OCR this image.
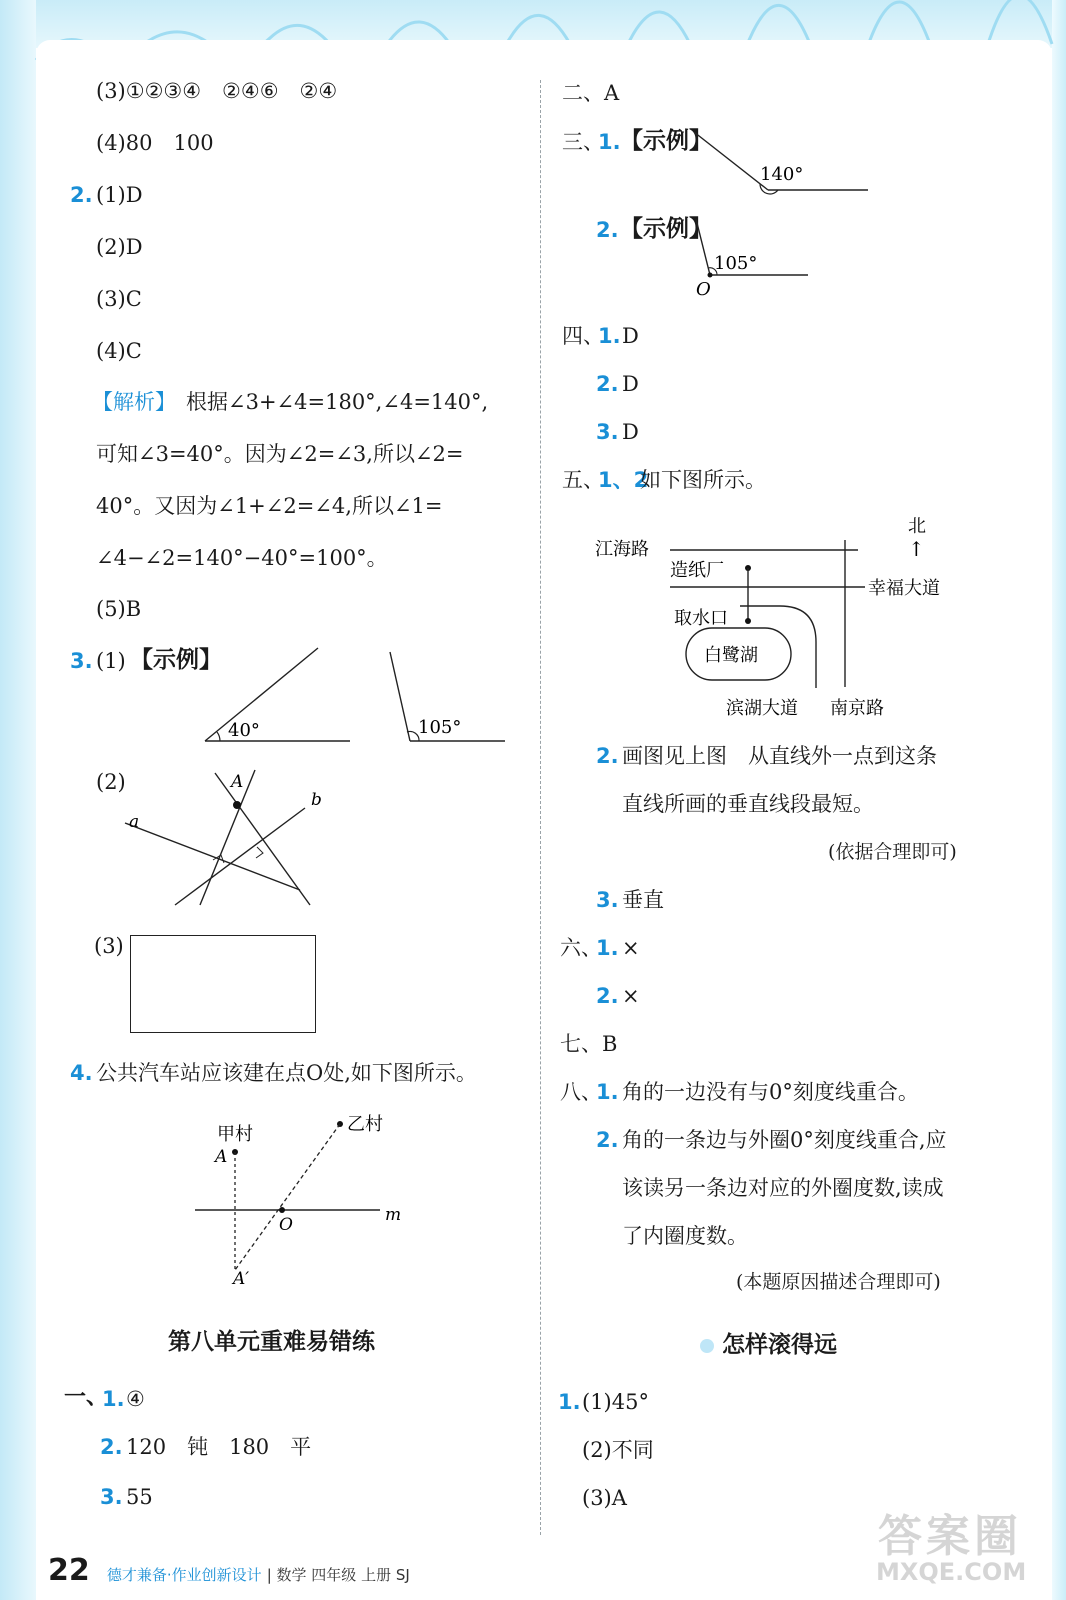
(3)①②③④　②④⑥　②④
(4)80　100
2. (1)D
(2)D
(3)C
(4)C
【解析】 根据∠3+∠4=180°,∠4=140°,
可知∠3=40°。因为∠2=∠3,所以∠2=
40°。又因为∠1+∠2=∠4,所以∠1=
∠4−∠2=140°−40°=100°。
(5)B
3. (1) 【示例】
40°	105°
(2)	A
a
b
(3)
4. 公共汽车站应该建在点O处,如下图所示。
甲村
A
乙村
O	m
A′
第八单元重难易错练
一、
1. ④
2. 120　钝　180　平
3. 55
二、A
三、
1. 【示例】
140°
2. 【示例】
105°
O
四、
1. D
2. D
3. D
五、
1、2
如下图所示。
北
↑
江海路
造纸厂
幸福大道
取水口
白鹭湖
滨湖大道 南京路
2. 画图见上图　从直线外一点到这条
直线所画的垂直线段最短。
(依据合理即可)
3. 垂直
六、
1. ×
2. ×
七、B
八、
1. 角的一边没有与0°刻度线重合。
2. 角的一条边与外圈0°刻度线重合,应
该读另一条边对应的外圈度数,读成
了内圈度数。
(本题原因描述合理即可)
怎样滚得远
1. (1)45°
(2)不同
(3)A
22 德才兼备·作业创新设计 | 数学 四年级 上册 SJ
答案圈
MXQE.COM
